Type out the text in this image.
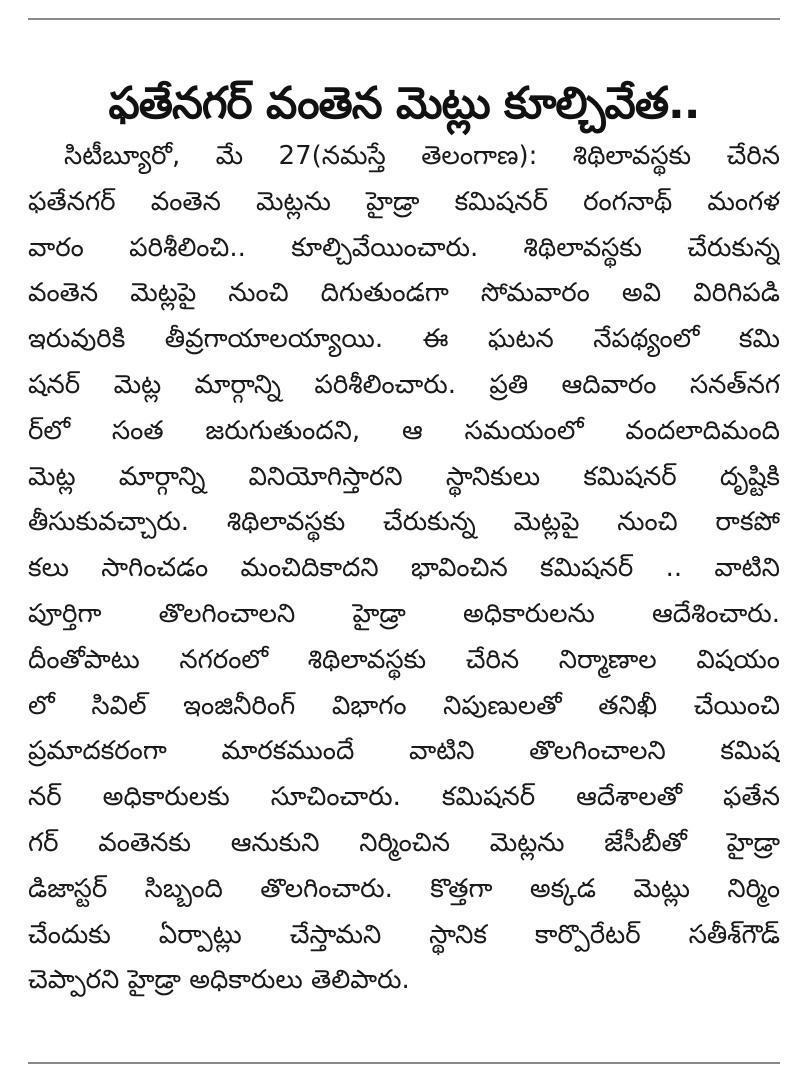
ఫతేనగర్ వంతెన మెట్లు కూల్చివేత..
సిటీబ్యూరో, మే 27(నమస్తే తెలంగాణ): శిథిలావస్థకు చేరిన
ఫతేనగర్ వంతెన మెట్లను హైడ్రా కమిషనర్ రంగనాథ్ మంగళ
వారం పరిశీలించి.. కూల్చివేయించారు. శిథిలావస్థకు చేరుకున్న
వంతెన మెట్లపై నుంచి దిగుతుండగా సోమవారం అవి విరిగిపడి
ఇరువురికి తీవ్రగాయాలయ్యాయి. ఈ ఘటన నేపథ్యంలో కమి
షనర్ మెట్ల మార్గాన్ని పరిశీలించారు. ప్రతి ఆదివారం సనత్‌నగ
ర్‌లో సంత జరుగుతుందని, ఆ సమయంలో వందలాదిమంది
మెట్ల మార్గాన్ని వినియోగిస్తారని స్థానికులు కమిషనర్ దృష్టికి
తీసుకువచ్చారు. శిథిలావస్థకు చేరుకున్న మెట్లపై నుంచి రాకపో
కలు సాగించడం మంచిదికాదని భావించిన కమిషనర్ .. వాటిని
పూర్తిగా తొలగించాలని హైడ్రా అధికారులను ఆదేశించారు.
దీంతోపాటు నగరంలో శిథిలావస్థకు చేరిన నిర్మాణాల విషయం
లో సివిల్ ఇంజినీరింగ్ విభాగం నిపుణులతో తనిఖీ చేయించి
ప్రమాదకరంగా మారకముందే వాటిని తొలగించాలని కమిష
నర్ అధికారులకు సూచించారు. కమిషనర్ ఆదేశాలతో ఫతేన
గర్ వంతెనకు ఆనుకుని నిర్మించిన మెట్లను జేసీబీతో హైడ్రా
డిజాస్టర్ సిబ్బంది తొలగించారు. కొత్తగా అక్కడ మెట్లు నిర్మిం
చేందుకు ఏర్పాట్లు చేస్తామని స్థానిక కార్పొరేటర్ సతీశ్‌గౌడ్
చెప్పారని హైడ్రా అధికారులు తెలిపారు.
